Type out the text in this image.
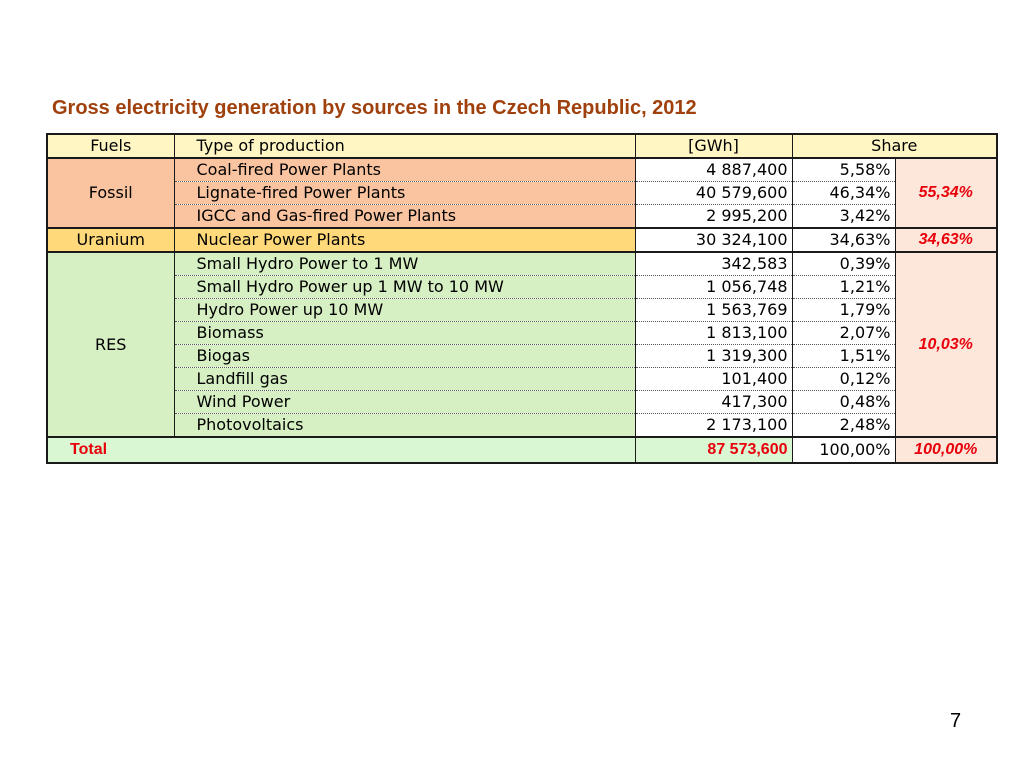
Gross electricity generation by sources in the Czech Republic, 2012
Fuels	Type of production	[GWh]	Share	
Fossil	Coal-fired Power Plants	4 887,400	5,58%	55,34%
	Lignate-fired Power Plants	40 579,600	46,34%	
	IGCC and Gas-fired Power Plants	2 995,200	3,42%	
Uranium	Nuclear Power Plants	30 324,100	34,63%	34,63%
RES	Small Hydro Power to 1 MW	342,583	0,39%	10,03%
	Small Hydro Power up 1 MW to 10 MW	1 056,748	1,21%	
	Hydro Power up 10 MW	1 563,769	1,79%	
	Biomass	1 813,100	2,07%	
	Biogas	1 319,300	1,51%	
	Landfill gas	101,400	0,12%	
	Wind Power	417,300	0,48%	
	Photovoltaics	2 173,100	2,48%	
Total		87 573,600	100,00%	100,00%
7
